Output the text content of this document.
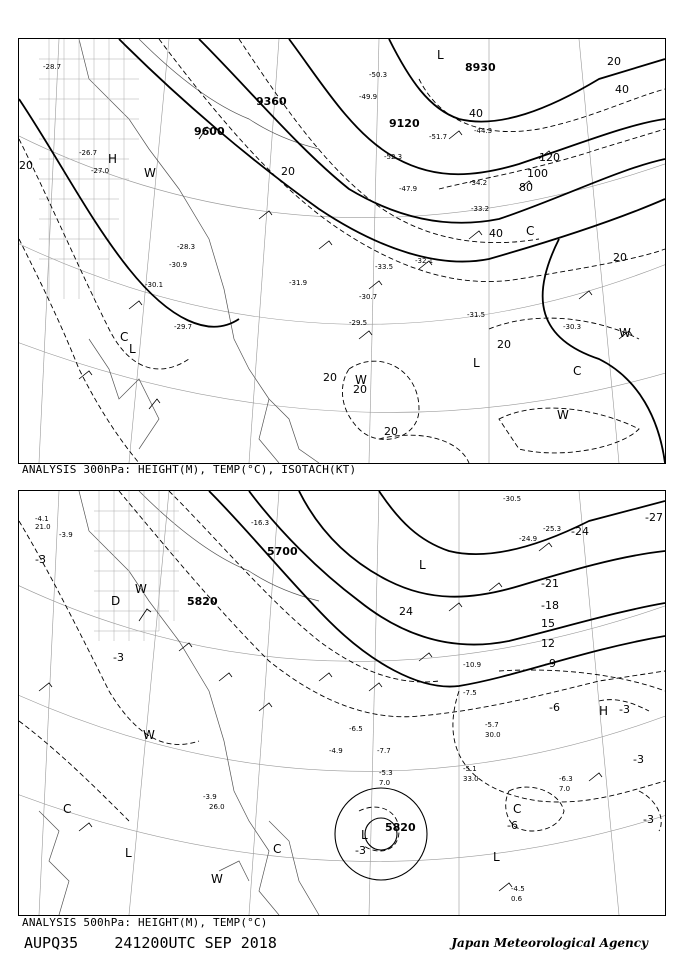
8930
9360
9600
9120
120
100
80
40
40
20
20
20
20
20
20
20	20
40
H
L
L
C
C
C
W
W
W
W
L
-28.7
-50.3
-49.9
-51.7
-52.3
-44.3
-47.9
-34.2
-33.2
-30.9
-30.7
-29.5
-31.5
-30.3
-29.7
-28.3
-26.7
-31.9
-33.5
-32.1
-27.0
-30.1
ANALYSIS 300hPa: HEIGHT(M), TEMP(°C), ISOTACH(KT)
5700
5820
5820
-27
-24
24
-21
-18
15
12
-9
-6
-6
-3
-3
-3
-3
-3
-3
H
L
L	L
L
C
C
C
W
W
W
D
-4.1
21.0
-3.9
-16.3
-25.3
-30.5
-24.9
-10.9
-7.5
-5.7
30.0
-5.1
33.0	-6.3
7.0
-4.5
0.6
-5.3
7.0
-7.7
-4.9
-6.5
26.0
-3.9
ANALYSIS 500hPa: HEIGHT(M), TEMP(°C)
AUPQ35 241200UTC SEP 2018	Japan Meteorological Agency
